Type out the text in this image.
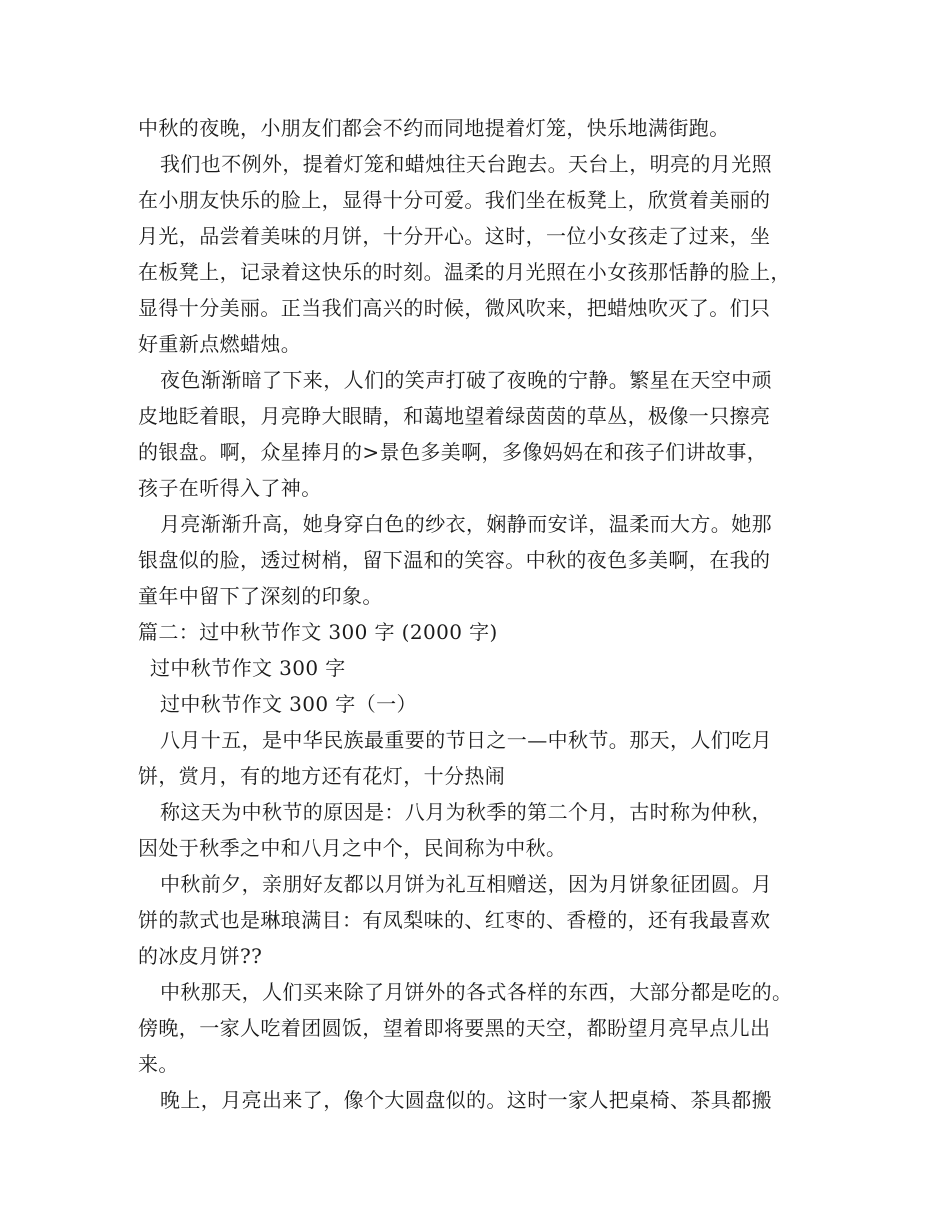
中秋的夜晚，小朋友们都会不约而同地提着灯笼，快乐地满街跑。

我们也不例外，提着灯笼和蜡烛往天台跑去。天台上，明亮的月光照

在小朋友快乐的脸上，显得十分可爱。我们坐在板凳上，欣赏着美丽的

月光，品尝着美味的月饼，十分开心。这时，一位小女孩走了过来，坐

在板凳上，记录着这快乐的时刻。温柔的月光照在小女孩那恬静的脸上，

显得十分美丽。正当我们高兴的时候，微风吹来，把蜡烛吹灭了。们只

好重新点燃蜡烛。

夜色渐渐暗了下来，人们的笑声打破了夜晚的宁静。繁星在天空中顽

皮地眨着眼，月亮睁大眼睛，和蔼地望着绿茵茵的草丛，极像一只擦亮

的银盘。啊，众星捧月的>景色多美啊，多像妈妈在和孩子们讲故事，

孩子在听得入了神。

月亮渐渐升高，她身穿白色的纱衣，娴静而安详，温柔而大方。她那

银盘似的脸，透过树梢，留下温和的笑容。中秋的夜色多美啊，在我的

童年中留下了深刻的印象。

篇二：过中秋节作文 300 字 (2000 字)

过中秋节作文 300 字

过中秋节作文 300 字（一）

八月十五，是中华民族最重要的节日之一—中秋节。那天，人们吃月

饼，赏月，有的地方还有花灯，十分热闹

称这天为中秋节的原因是：八月为秋季的第二个月，古时称为仲秋，

因处于秋季之中和八月之中个，民间称为中秋。

中秋前夕，亲朋好友都以月饼为礼互相赠送，因为月饼象征团圆。月

饼的款式也是琳琅满目：有凤梨味的、红枣的、香橙的，还有我最喜欢

的冰皮月饼??

中秋那天，人们买来除了月饼外的各式各样的东西，大部分都是吃的。

傍晚，一家人吃着团圆饭，望着即将要黑的天空，都盼望月亮早点儿出

来。

晚上，月亮出来了，像个大圆盘似的。这时一家人把桌椅、茶具都搬
